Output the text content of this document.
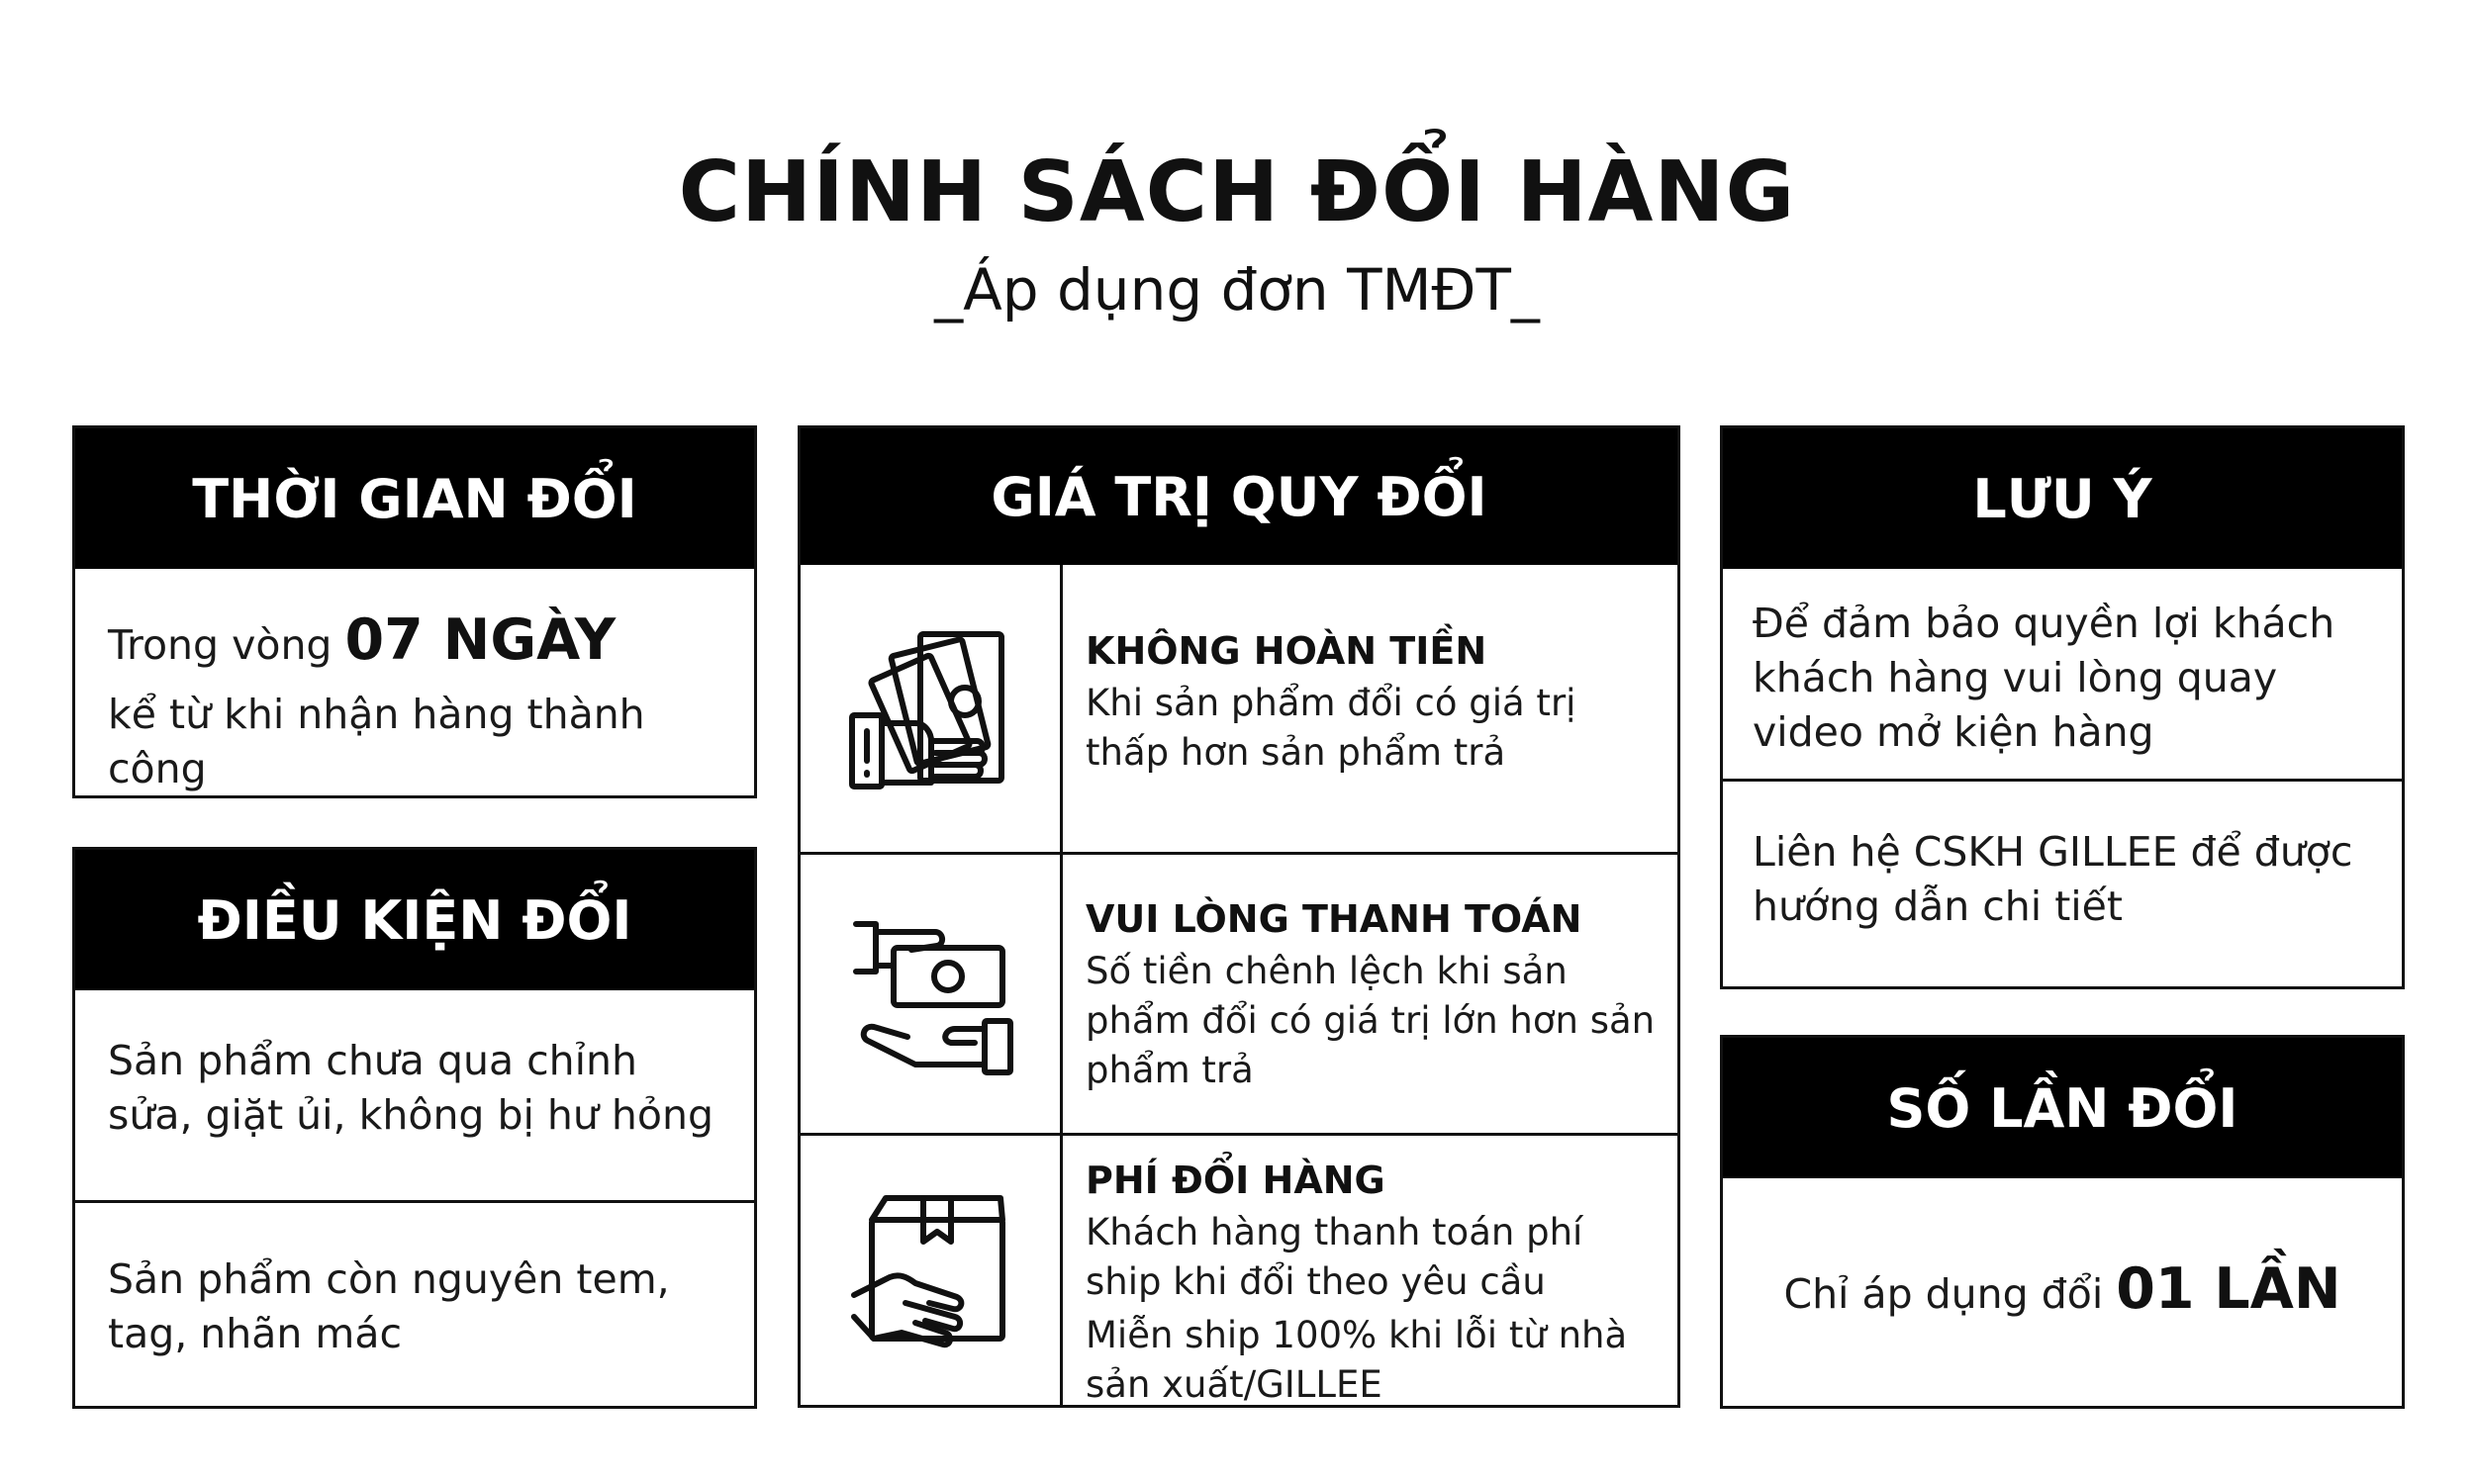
CHÍNH SÁCH ĐỔI HÀNG
_Áp dụng đơn TMĐT_
THỜI GIAN ĐỔI
Trong vòng 07 NGÀY
kể từ khi nhận hàng thành công
ĐIỀU KIỆN ĐỔI
Sản phẩm chưa qua chỉnh sửa, giặt ủi, không bị hư hỏng
Sản phẩm còn nguyên tem, tag, nhãn mác
GIÁ TRỊ QUY ĐỔI
KHÔNG HOÀN TIỀN
Khi sản phẩm đổi có giá trị thấp hơn sản phẩm trả
VUI LÒNG THANH TOÁN
Số tiền chênh lệch khi sản phẩm đổi có giá trị lớn hơn sản phẩm trả
PHÍ ĐỔI HÀNG
Khách hàng thanh toán phí ship khi đổi theo yêu cầu
Miễn ship 100% khi lỗi từ nhà sản xuất/GILLEE
LƯU Ý
Để đảm bảo quyền lợi khách khách hàng vui lòng quay video mở kiện hàng
Liên hệ CSKH GILLEE để được hướng dẫn chi tiết
SỐ LẦN ĐỔI
Chỉ áp dụng đổi 01 LẦN
